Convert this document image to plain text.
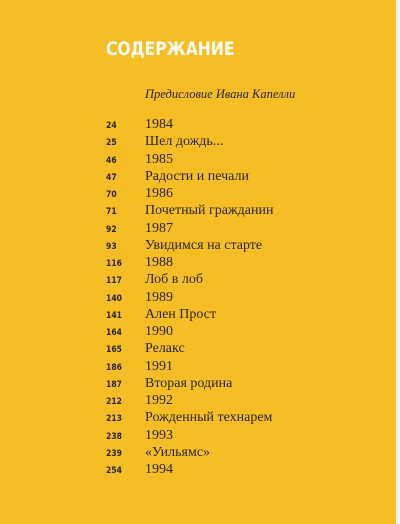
СОДЕРЖАНИЕ
Предисловие Ивана Капелли
24 1984
25 Шел дождь...
46 1985
47 Радости и печали
70 1986
71 Почетный гражданин
92 1987
93 Увидимся на старте
116 1988
117 Лоб в лоб
140 1989
141 Ален Прост
164 1990
165 Релакс
186 1991
187 Вторая родина
212 1992
213 Рожденный технарем
238 1993
239 «Уильямс»
254 1994
